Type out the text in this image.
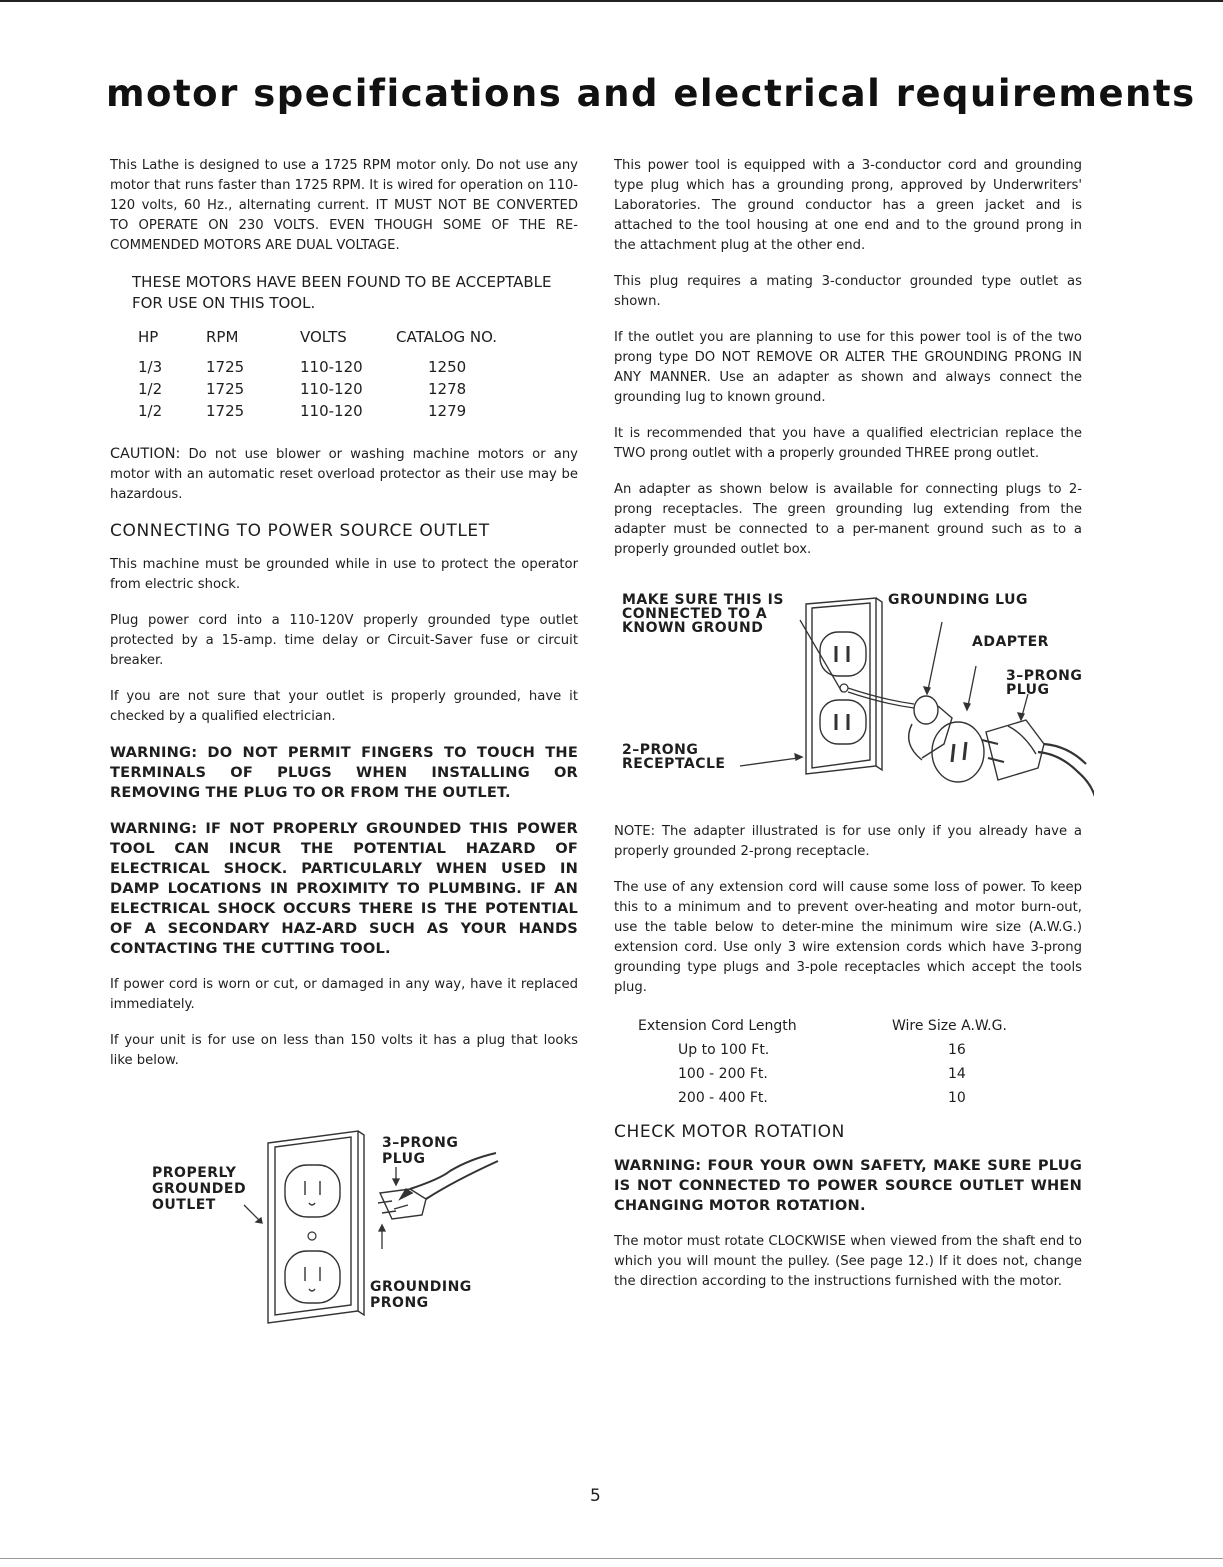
motor specifications and electrical requirements

This Lathe is designed to use a 1725 RPM motor only. Do not use any motor that runs faster than 1725 RPM. It is wired for operation on 110-120 volts, 60 Hz., alternating current. IT MUST NOT BE CONVERTED TO OPERATE ON 230 VOLTS. EVEN THOUGH SOME OF THE RE-COMMENDED MOTORS ARE DUAL VOLTAGE.

THESE MOTORS HAVE BEEN FOUND TO BE ACCEPTABLE FOR USE ON THIS TOOL.
HP	RPM	VOLTS	CATALOG NO.
1/3	1725	110-120	1250
1/2	1725	110-120	1278
1/2	1725	110-120	1279

CAUTION: Do not use blower or washing machine motors or any motor with an automatic reset overload protector as their use may be hazardous.

CONNECTING TO POWER SOURCE OUTLET

This machine must be grounded while in use to protect the operator from electric shock.

Plug power cord into a 110-120V properly grounded type outlet protected by a 15-amp. time delay or Circuit-Saver fuse or circuit breaker.

If you are not sure that your outlet is properly grounded, have it checked by a qualified electrician.

WARNING: DO NOT PERMIT FINGERS TO TOUCH THE TERMINALS OF PLUGS WHEN INSTALLING OR REMOVING THE PLUG TO OR FROM THE OUTLET.

WARNING: IF NOT PROPERLY GROUNDED THIS POWER TOOL CAN INCUR THE POTENTIAL HAZARD OF ELECTRICAL SHOCK. PARTICULARLY WHEN USED IN DAMP LOCATIONS IN PROXIMITY TO PLUMBING. IF AN ELECTRICAL SHOCK OCCURS THERE IS THE POTENTIAL OF A SECONDARY HAZ-ARD SUCH AS YOUR HANDS CONTACTING THE CUTTING TOOL.

If power cord is worn or cut, or damaged in any way, have it replaced immediately.

If your unit is for use on less than 150 volts it has a plug that looks like below.

PROPERLY
GROUNDED
OUTLET
3–PRONG
PLUG
GROUNDING
PRONG

This power tool is equipped with a 3-conductor cord and grounding type plug which has a grounding prong, approved by Underwriters' Laboratories. The ground conductor has a green jacket and is attached to the tool housing at one end and to the ground prong in the attachment plug at the other end.

This plug requires a mating 3-conductor grounded type outlet as shown.

If the outlet you are planning to use for this power tool is of the two prong type DO NOT REMOVE OR ALTER THE GROUNDING PRONG IN ANY MANNER. Use an adapter as shown and always connect the grounding lug to known ground.

It is recommended that you have a qualified electrician replace the TWO prong outlet with a properly grounded THREE prong outlet.

An adapter as shown below is available for connecting plugs to 2-prong receptacles. The green grounding lug extending from the adapter must be connected to a per-manent ground such as to a properly grounded outlet box.

MAKE SURE THIS IS
CONNECTED TO A
KNOWN GROUND
GROUNDING LUG
ADAPTER
3–PRONG
PLUG
2–PRONG
RECEPTACLE

NOTE: The adapter illustrated is for use only if you already have a properly grounded 2-prong receptacle.

The use of any extension cord will cause some loss of power. To keep this to a minimum and to prevent over-heating and motor burn-out, use the table below to deter-mine the minimum wire size (A.W.G.) extension cord. Use only 3 wire extension cords which have 3-prong grounding type plugs and 3-pole receptacles which accept the tools plug.

Extension Cord Length	Wire Size A.W.G.
Up to 100 Ft.	16
100 - 200 Ft.	14
200 - 400 Ft.	10
CHECK MOTOR ROTATION

WARNING: FOUR YOUR OWN SAFETY, MAKE SURE PLUG IS NOT CONNECTED TO POWER SOURCE OUTLET WHEN CHANGING MOTOR ROTATION.

The motor must rotate CLOCKWISE when viewed from the shaft end to which you will mount the pulley. (See page 12.) If it does not, change the direction according to the instructions furnished with the motor.

5
